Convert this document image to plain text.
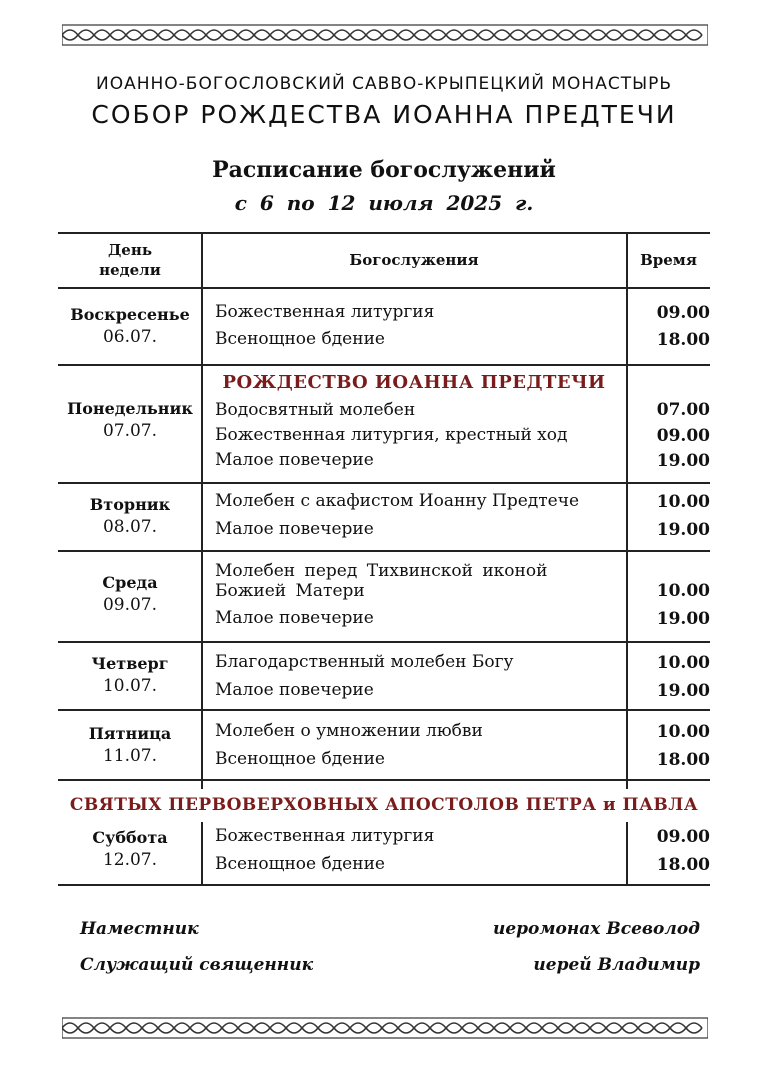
ИОАННО-БОГОСЛОВСКИЙ САВВО-КРЫПЕЦКИЙ МОНАСТЫРЬ
СОБОР РОЖДЕСТВА ИОАННА ПРЕДТЕЧИ
Расписание богослужений
с 6 по 12 июля 2025 г.
День
недели
Богослужения	Время
Воскресенье
06.07.
Божественная литургия	09.00
Всенощное бдение	18.00
РОЖДЕСТВО ИОАННА ПРЕДТЕЧИ
Понедельник
07.07.
Водосвятный молебен	07.00
Божественная литургия, крестный ход	09.00
Малое повечерие	19.00
Вторник
08.07.
Молебен с акафистом Иоанну Предтече	10.00
Малое повечерие	19.00
Среда
09.07.
Молебен перед Тихвинской иконой
Божией Матери	10.00
Малое повечерие	19.00
Четверг
10.07.
Благодарственный молебен Богу	10.00
Малое повечерие	19.00
Пятница
11.07.
Молебен о умножении любви	10.00
Всенощное бдение	18.00
СВЯТЫХ ПЕРВОВЕРХОВНЫХ АПОСТОЛОВ ПЕТРА и ПАВЛА
Суббота
12.07.
Божественная литургия	09.00
Всенощное бдение	18.00
Наместник	иеромонах Всеволод
Служащий священник	иерей Владимир
